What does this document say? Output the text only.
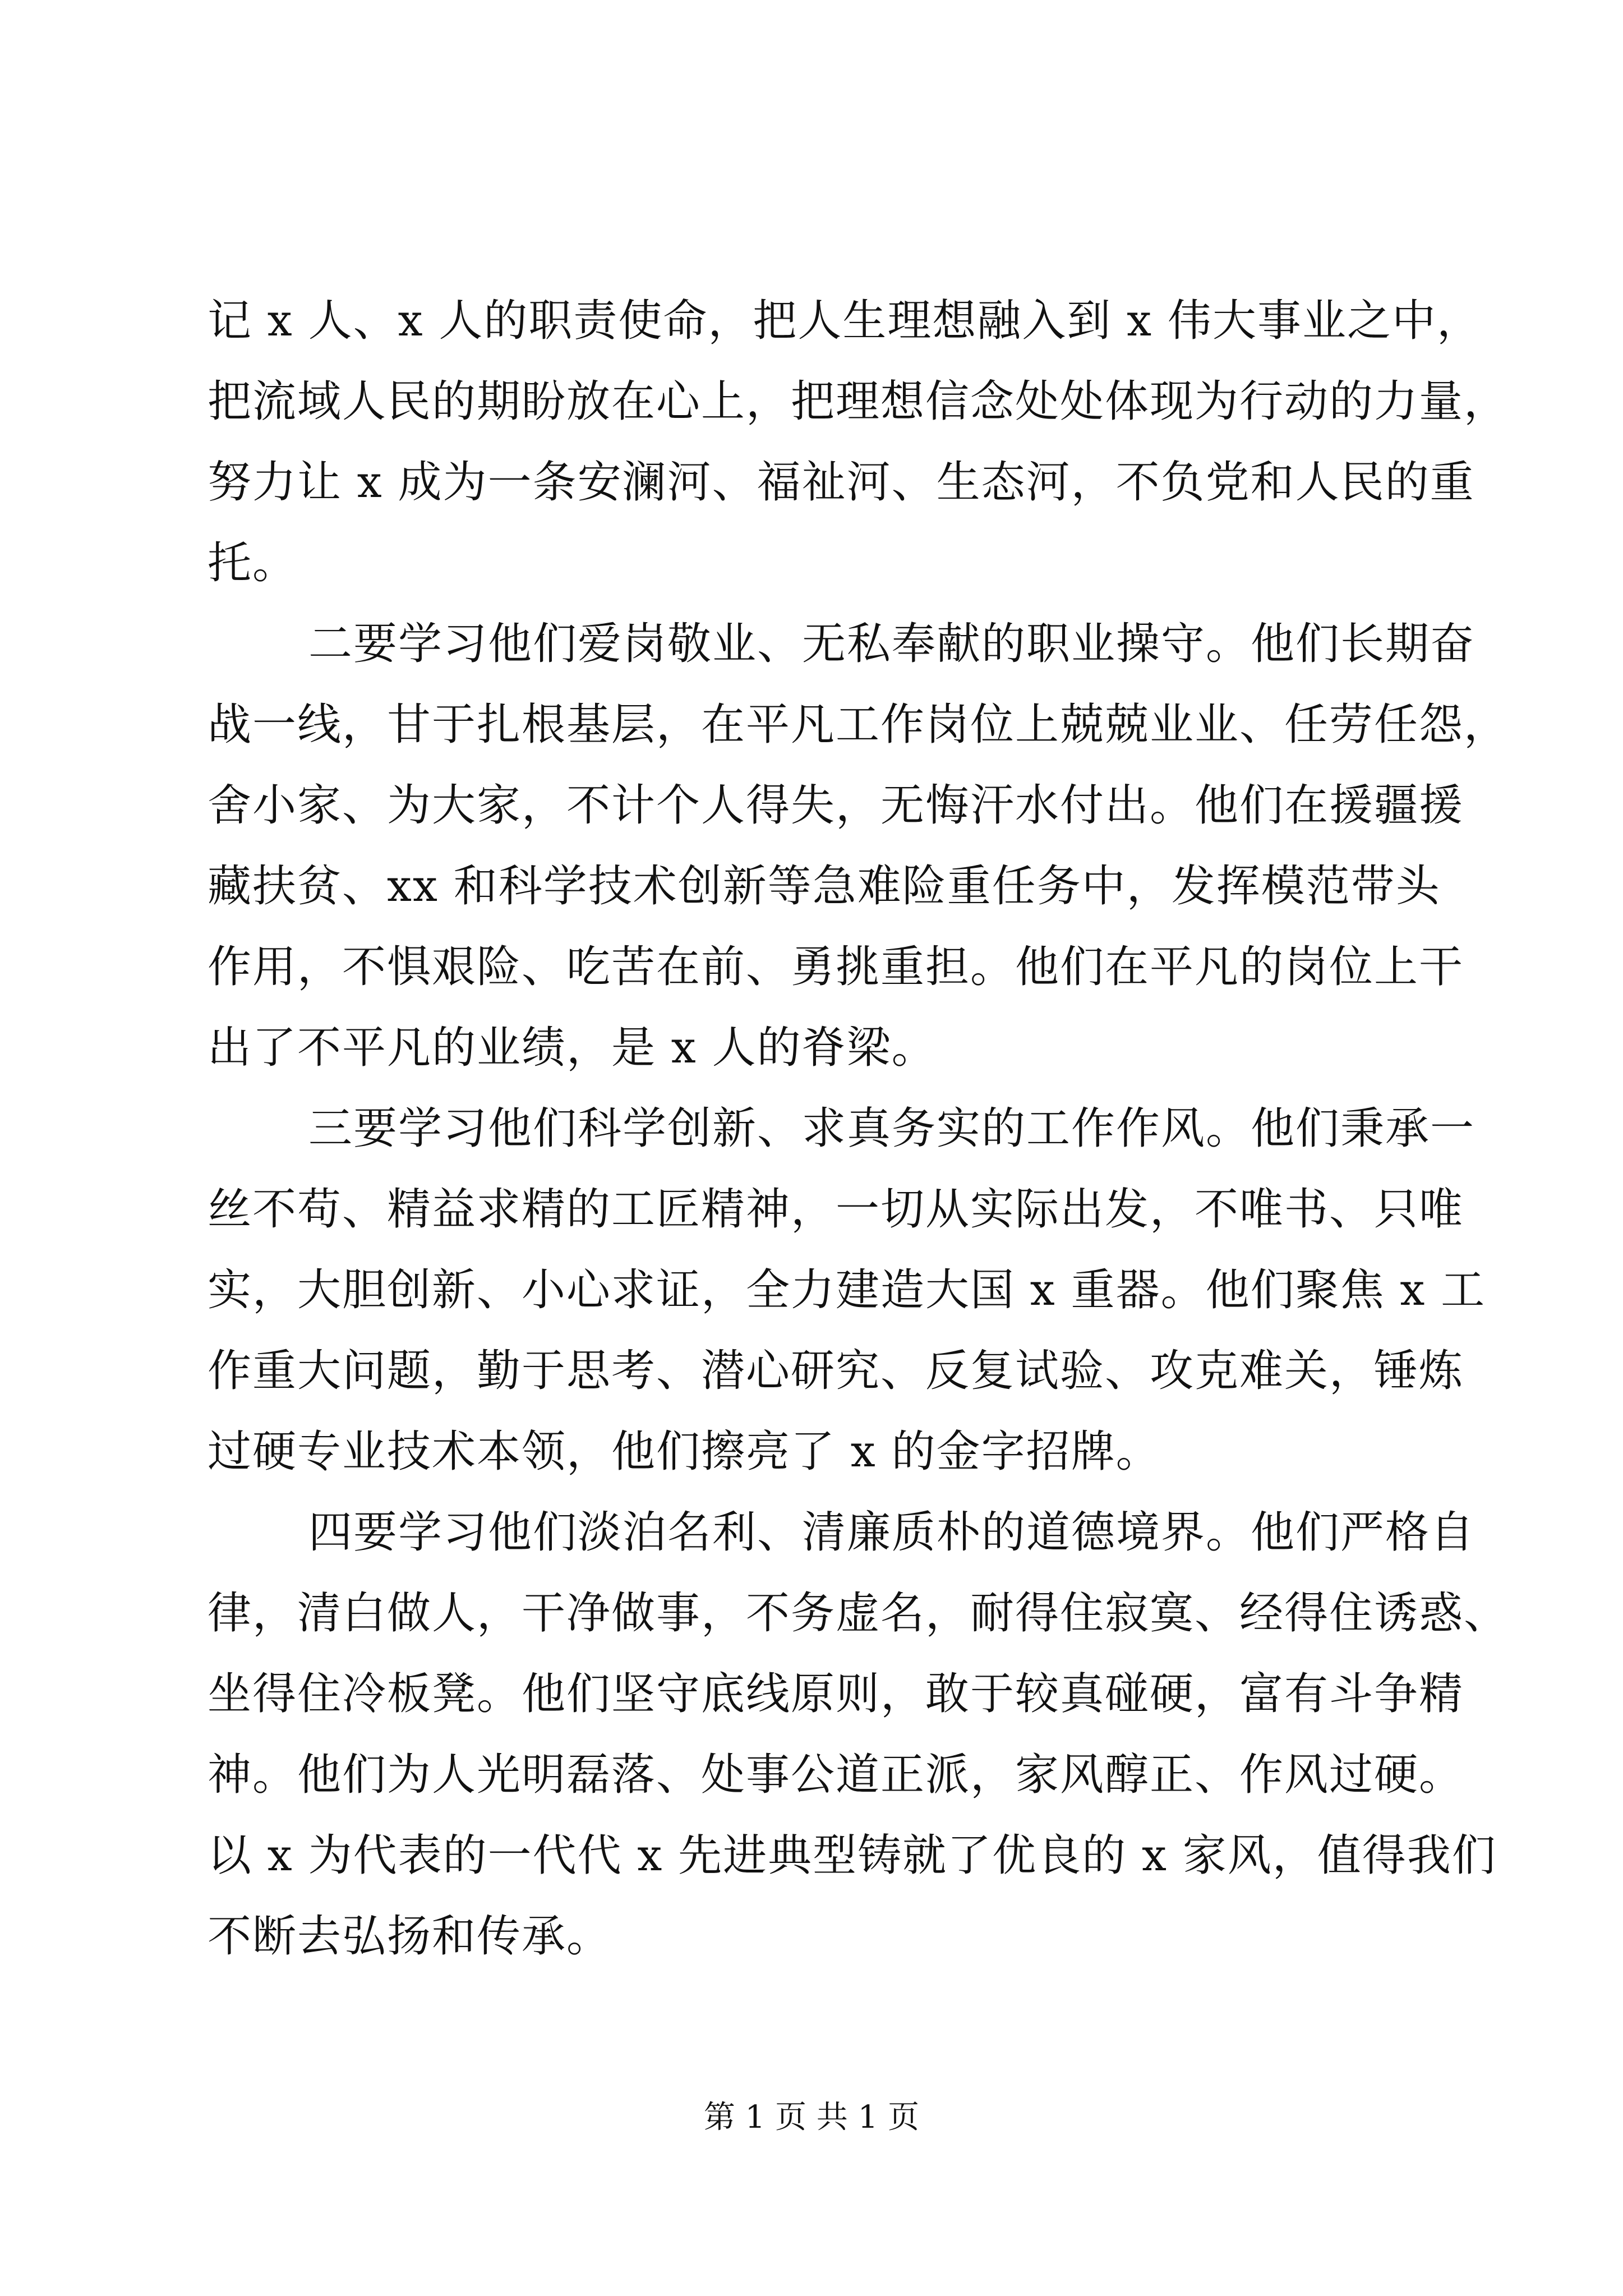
记 x 人、x 人的职责使命，把人生理想融入到 x 伟大事业之中，
把流域人民的期盼放在心上，把理想信念处处体现为行动的力量，
努力让 x 成为一条安澜河、福祉河、生态河，不负党和人民的重
托。
二要学习他们爱岗敬业、无私奉献的职业操守。他们长期奋
战一线，甘于扎根基层，在平凡工作岗位上兢兢业业、任劳任怨，
舍小家、为大家，不计个人得失，无悔汗水付出。他们在援疆援
藏扶贫、xx 和科学技术创新等急难险重任务中，发挥模范带头
作用，不惧艰险、吃苦在前、勇挑重担。他们在平凡的岗位上干
出了不平凡的业绩，是 x 人的脊梁。
三要学习他们科学创新、求真务实的工作作风。他们秉承一
丝不苟、精益求精的工匠精神，一切从实际出发，不唯书、只唯
实，大胆创新、小心求证，全力建造大国 x 重器。他们聚焦 x 工
作重大问题，勤于思考、潜心研究、反复试验、攻克难关，锤炼
过硬专业技术本领，他们擦亮了 x 的金字招牌。
四要学习他们淡泊名利、清廉质朴的道德境界。他们严格自
律，清白做人，干净做事，不务虚名，耐得住寂寞、经得住诱惑、
坐得住冷板凳。他们坚守底线原则，敢于较真碰硬，富有斗争精
神。他们为人光明磊落、处事公道正派，家风醇正、作风过硬。
以 x 为代表的一代代 x 先进典型铸就了优良的 x 家风，值得我们
不断去弘扬和传承。
第 1 页 共 1 页
